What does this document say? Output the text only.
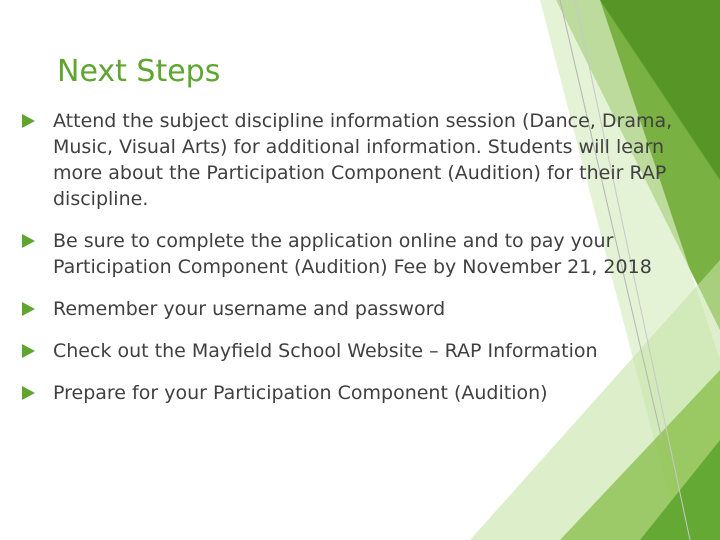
Next Steps
Attend the subject discipline information session (Dance, Drama, Music, Visual Arts) for additional information. Students will learn more about the Participation Component (Audition) for their RAP discipline.
Be sure to complete the application online and to pay your Participation Component (Audition) Fee by November 21, 2018
Remember your username and password
Check out the Mayfield School Website – RAP Information
Prepare for your Participation Component (Audition)
